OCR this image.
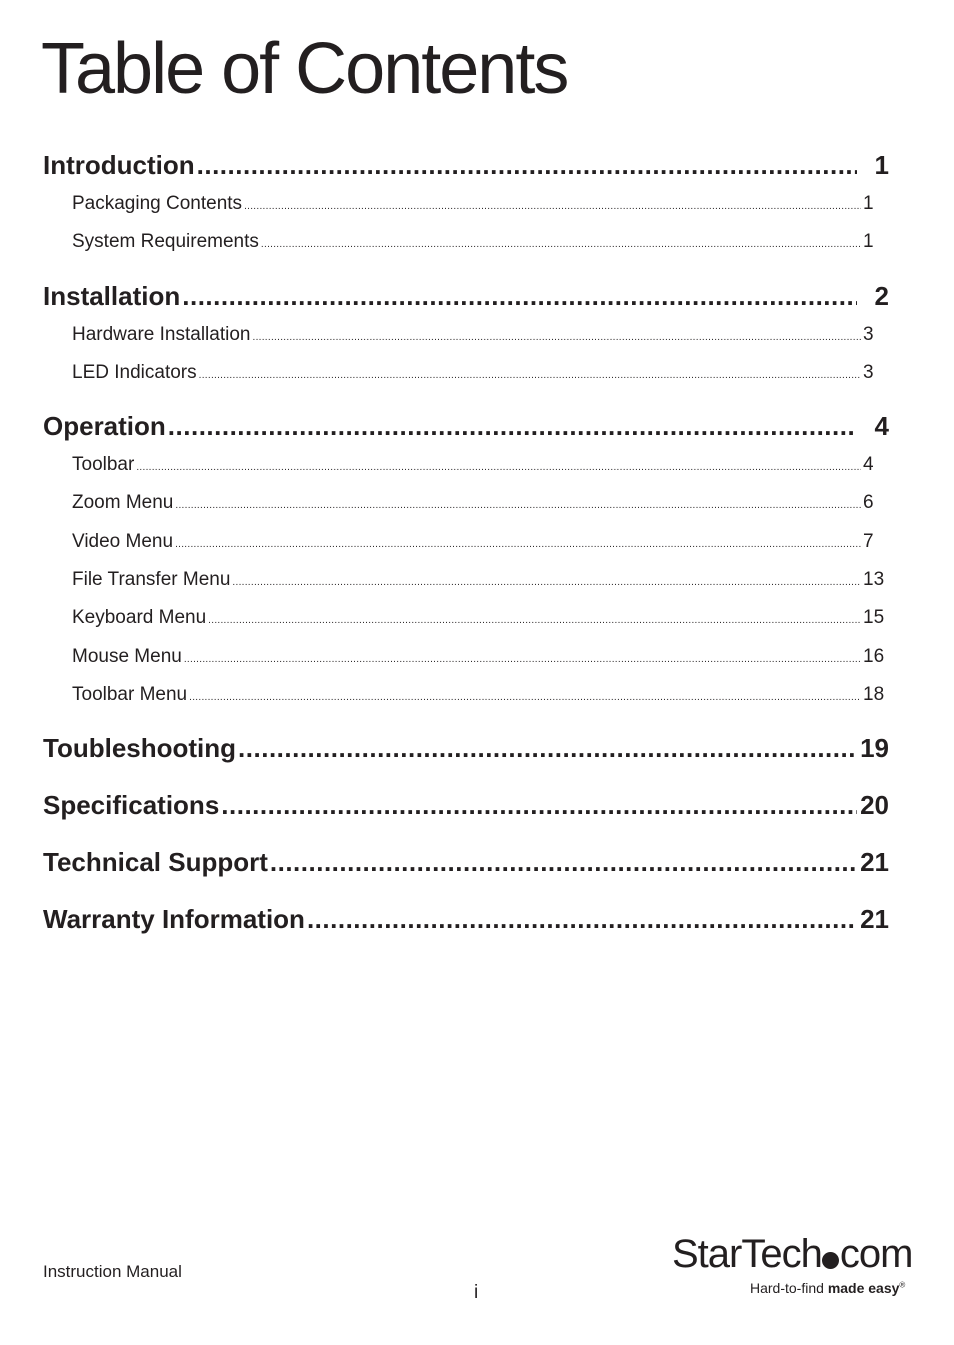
Table of Contents
Introduction .....	1
Packaging Contents .....	1
System Requirements .....	1
Installation .....	2
Hardware Installation .....	3
LED Indicators .....	3
Operation .....	4
Toolbar .....	4
Zoom Menu .....	6
Video Menu .....	7
File Transfer Menu .....	13
Keyboard Menu .....	15
Mouse Menu .....	16
Toolbar Menu .....	18
Toubleshooting .....	19
Specifications .....	20
Technical Support .....	21
Warranty Information .....	21
Instruction Manual
i
StarTech com
Hard-to-find made easy®
